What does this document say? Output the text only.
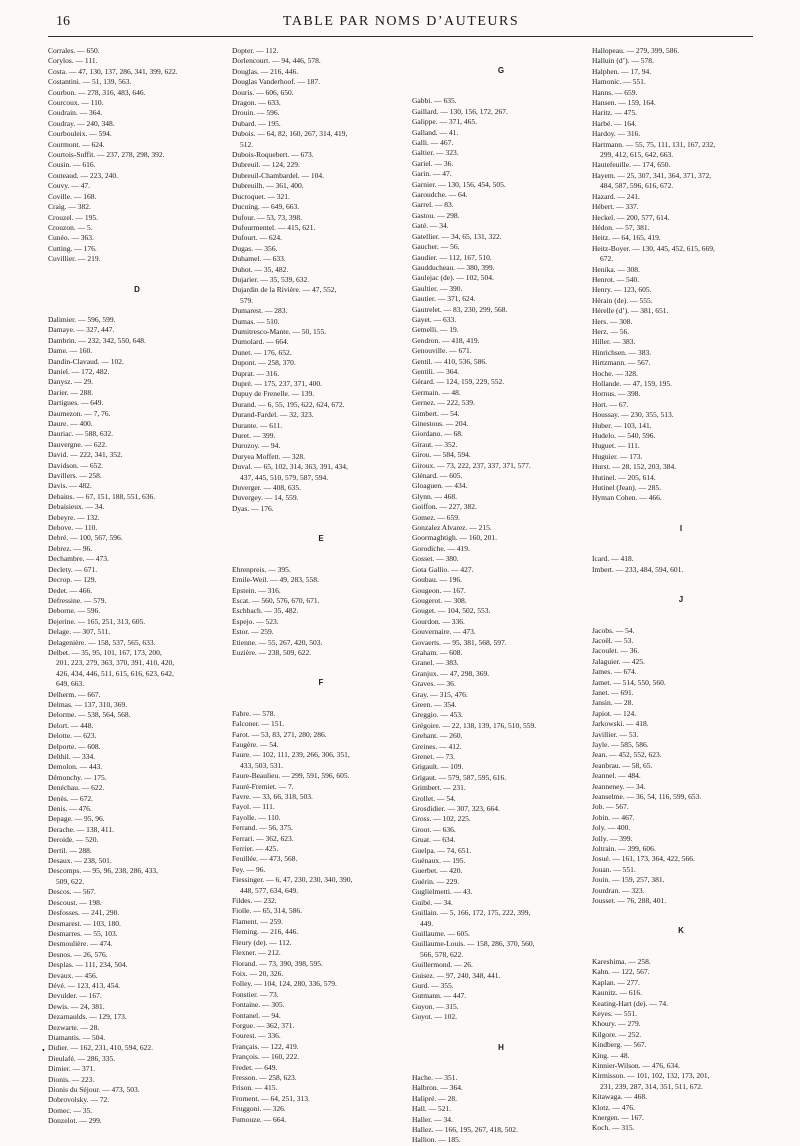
16	TABLE PAR NOMS D’AUTEURS
Corrales. — 650.
Corylos. — 111.
Costa. — 47, 130, 137, 286, 341, 399, 622.
Costantini. — 51, 139, 563.
Courbon. — 278, 316, 483, 646.
Courcoux. — 110.
Coudrain. — 364.
Coudray. — 240, 348.
Courbouleix. — 594.
Courmont. — 624.
Courtois-Suffit. — 237, 278, 298, 392.
Cousin. — 616.
Couteaud. — 223, 240.
Couvy. — 47.
Coville. — 168.
Craig. — 382.
Crouzel. — 195.
Crouzon. — 5.
Cunéo. — 363.
Cutting. — 176.
Cuvillier. — 219.
D
Dalimier. — 596, 599.
Damaye. — 327, 447.
Dambrin. — 232, 342, 550, 648.
Dame. — 160.
Dandin-Clavaud. — 102.
Daniel. — 172, 482.
Danysz. — 29.
Darier. — 288.
Dartigues. — 649.
Daumezon. — 7, 76.
Daure. — 400.
Dauriac. — 588, 632.
Dauvergne. — 622.
David. — 222, 341, 352.
Davidson. — 652.
Davillers. — 258.
Davis. — 482.
Debains. — 67, 151, 188, 551, 636.
Debaisieux. — 34.
Debeyre. — 132.
Debove. — 110.
Debré. — 100, 567, 596.
Debrez. — 96.
Dechambre. — 473.
Declety. — 671.
Decrop. — 129.
Dedet. — 466.
Defressine. — 579.
Deborne. — 596.
Dejerine. — 165, 251, 313, 605.
Delage. — 307, 511.
Delagenière. — 158, 537, 565, 633.
Delbet. — 35, 95, 101, 167, 173, 200,
201, 223, 279, 363, 370, 391, 410, 420,
426, 434, 446, 511, 615, 616, 623, 642,
649, 663.
Delherm. — 667.
Delmas. — 137, 310, 369.
Delorme. — 538, 564, 568.
Delort. — 448.
Delotte. — 623.
Delporte. — 608.
Delthil. — 334.
Demolon. — 443.
Démonchy. — 175.
Denéchau. — 622.
Denès. — 672.
Denis. — 476.
Depage. — 95, 96.
Derache. — 138, 411.
Deroide. — 520.
Dertil. — 288.
Desaux. — 238, 501.
Descomps. — 95, 96, 238, 286, 433,
509, 622.
Descos. — 567.
Descoust. — 198.
Desfosses. — 241, 290.
Desmarest. — 103, 180.
Desmarres. — 55, 103.
Desmoulière. — 474.
Desnos. — 26, 576.
Desplas. — 111, 234, 504.
Devaux. — 456.
Dévé. — 123, 413, 454.
Devulder. — 167.
Dewis. — 24, 381.
Dezarnaulds. — 129, 173.
Dezwarte. — 28.
Diamantis. — 504.
Didier. — 162, 231, 410, 594, 622.
Dieulafé. — 286, 335.
Dimier. — 371.
Dionis. — 223.
Dionis du Séjour. — 473, 503.
Dobrovolsky. — 72.
Domec. — 35.
Donzelot. — 299.
Dopter. — 112.
Dorlencourt. — 94, 446, 578.
Douglas. — 216, 446.
Douglas Vanderhoof. — 187.
Douris. — 606, 650.
Dragon. — 633.
Drouin. — 596.
Dubard. — 195.
Dubois. — 64, 82, 160, 267, 314, 419,
512.
Dubois-Roquebert. — 673.
Dubreuil. — 124, 229.
Dubreuil-Chambardel. — 104.
Dubreuilh. — 361, 400.
Ducroquet. — 321.
Ducuing. — 649, 663.
Dufour. — 53, 73, 398.
Dufourmentel. — 415, 621.
Dufourt. — 624.
Dugas. — 356.
Duhamel. — 633.
Duhot. — 35, 482.
Dujarier. — 35, 539, 632.
Dujardin de la Rivière. — 47, 552,
579.
Dumarest. — 283.
Dumas. — 510.
Dumitresco-Mante. — 50, 155.
Dumolard. — 664.
Dunet. — 176, 652.
Dupont. — 258, 370.
Duprat. — 316.
Dupré. — 175, 237, 371, 400.
Dupuy de Frenelle. — 139.
Durand. — 6, 55, 195, 622, 624, 672.
Durand-Fardel. — 32, 323.
Durante. — 611.
Duret. — 399.
Durozoy. — 94.
Duryea Moffett. — 328.
Duval. — 65, 102, 314, 363, 391, 434,
437, 445, 510, 579, 587, 594.
Duverger. — 408, 635.
Duvergey. — 14, 559.
Dyas. — 176.
E
Ehrenpreis. — 395.
Emile-Weil. — 49, 283, 558.
Epstein. — 316.
Escat. — 560, 576, 670, 671.
Eschbach. — 35, 482.
Espejo. — 523.
Estor. — 259.
Etienne. — 55, 267, 420, 503.
Euzière. — 238, 509, 622.
F
Fabre. — 578.
Falconer. — 151.
Farot. — 53, 83, 271, 280, 286.
Faugère. — 54.
Faure. — 102, 111, 239, 266, 306, 351,
433, 503, 531.
Faure-Beaulieu. — 299, 591, 596, 605.
Fauré-Fremiet. — 7.
Favre. — 33, 66, 318, 503.
Fayol. — 111.
Fayolle. — 110.
Ferrand. — 56, 375.
Ferrari. — 362, 623.
Ferrier. — 425.
Feuillée. — 473, 568.
Fey. — 96.
Fiessinger. — 6, 47, 230, 230, 340, 390,
448, 577, 634, 649.
Fildes. — 232.
Fiolle. — 65, 314, 586.
Flament. — 259.
Fleming. — 216, 446.
Fleury (de). — 112.
Flexner. — 212.
Florand. — 73, 390, 398, 595.
Foix. — 20, 326.
Folley. — 104, 124, 280, 336, 579.
Fonstier. — 73.
Fontaine. — 305.
Fontanel. — 94.
Forgue. — 362, 371.
Fourest. — 336.
Français. — 122, 419.
François. — 160, 222.
Fredet. — 649.
Fresson. — 258, 623.
Frison. — 415.
Froment. — 64, 251, 313.
Fruggoni. — 326.
Fumouze. — 664.
G
Gabbi. — 635.
Gaillard. — 130, 156, 172, 267.
Galippe. — 371, 465.
Galland. — 41.
Galli. — 467.
Galtier. — 323.
Gariel. — 36.
Garin. — 47.
Garnier. — 130, 156, 454, 505.
Garoudche. — 64.
Garrel. — 83.
Gastou. — 298.
Gaté. — 34.
Gatellier. — 34, 65, 131, 322.
Gaucher. — 56.
Gaudier. — 112, 167, 510.
Gaudducheau. — 380, 399.
Gaulejac (de). — 102, 504.
Gaultier. — 390.
Gautier. — 371, 624.
Gautrelet. — 83, 230, 299, 568.
Gayet. — 633.
Gemelli. — 19.
Gendron. — 418, 419.
Genouville. — 671.
Gentil. — 410, 536, 586.
Gentili. — 364.
Gérard. — 124, 159, 229, 552.
Germain. — 48.
Gernez. — 222, 539.
Gimbert. — 54.
Ginestous. — 204.
Giordano. — 68.
Giraut. — 352.
Girou. — 584, 594.
Giroux. — 73, 222, 237, 337, 371, 577.
Glénard. — 605.
Gloaguen. — 434.
Glynn. — 468.
Goiffon. — 227, 382.
Gomez. — 659.
Gonzalez Alvarez. — 215.
Goormaghtigh. — 160, 201.
Gorodiche. — 419.
Gosset. — 380.
Gota Galliо. — 427.
Goubau. — 196.
Gougeon. — 167.
Gougerot. — 308.
Gouget. — 104, 502, 553.
Gourdon. — 336.
Gouvernaire. — 473.
Govaerts. — 95, 381, 568, 597.
Graham. — 608.
Granel. — 383.
Granjux. — 47, 298, 369.
Graves. — 36.
Gray. — 315, 476.
Green. — 354.
Greggio. — 453.
Grégoire. — 22, 138, 139, 176, 510, 559.
Grehant. — 260.
Greines. — 412.
Grenet. — 73.
Grigault. — 109.
Grigaut. — 579, 587, 595, 616.
Grimbert. — 231.
Grollet. — 54.
Grosdidier. — 307, 323, 664.
Gross. — 102, 225.
Groot. — 636.
Gruat. — 634.
Guelpa. — 74, 651.
Guénaux. — 195.
Guerbet. — 420.
Guérin. — 229.
Guglielmetti. — 43.
Guibé. — 34.
Guillain. — 5, 166, 172, 175, 222, 399,
449.
Guillaume. — 605.
Guillaume-Louis. — 158, 286, 370, 560,
566, 578, 622.
Guillermond. — 26.
Guisez. — 97, 240, 348, 441.
Gurd. — 355.
Gutmann. — 447.
Guyon. — 315.
Guyot. — 102.
H
Hache. — 351.
Halbron. — 364.
Halipré. — 28.
Hall. — 521.
Haller. — 34.
Hallez. — 166, 195, 267, 418, 502.
Hallion. — 185.
Hallopeau. — 279, 399, 586.
Halluin (d’). — 578.
Halphen. — 17, 94.
Hamonic. — 551.
Hanns. — 659.
Hansen. — 159, 164.
Haritz. — 475.
Harbé. — 164.
Hardoy. — 316.
Hartmann. — 55, 75, 111, 131, 167, 232,
299, 412, 615, 642, 663.
Hautefeuille. — 174, 650.
Hayem. — 25, 307, 341, 364, 371, 372,
484, 587, 596, 616, 672.
Hazard. — 241.
Hébert. — 337.
Heckel. — 200, 577, 614.
Hédon. — 57, 381.
Heitz. — 64, 165, 419.
Heitz-Boyer. — 130, 445, 452, 615, 669,
672.
Henika. — 308.
Henrot. — 540.
Henry. — 123, 605.
Hérain (de). — 555.
Hérelle (d’). — 381, 651.
Hers. — 308.
Herz. — 56.
Hiller. — 383.
Hinrichsen. — 383.
Hirtzmann. — 567.
Hoche. — 328.
Hollande. — 47, 159, 195.
Hornus. — 398.
Hort. — 67.
Houssay. — 230, 355, 513.
Huber. — 103, 141.
Hudelo. — 540, 596.
Huguet. — 111.
Huguier. — 173.
Hurst. — 28, 152, 203, 384.
Hutinel. — 205, 614.
Hutinel (Jean). — 285.
Hyman Cohen. — 466.
I
Icard. — 418.
Imbert. — 233, 484, 594, 601.
J
Jacobs. — 54.
Jacoël. — 53.
Jacoulet. — 36.
Jalaguier. — 425.
James. — 674.
Jamet. — 514, 550, 560.
Janet. — 691.
Jansin. — 28.
Japiot. — 124.
Jarkowski. — 418.
Javillier. — 53.
Jayle. — 585, 586.
Jean. — 452, 552, 623.
Jeanbrau. — 58, 65.
Jeannel. — 484.
Jeanneney. — 34.
Jeanselme. — 36, 54, 116, 599, 653.
Job. — 567.
Jobin. — 467.
Joly. — 400.
Jolly. — 399.
Joltrain. — 399, 606.
Josué. — 161, 173, 364, 422, 566.
Jouan. — 551.
Jouin. — 159, 257, 381.
Jourdran. — 323.
Jousset. — 76, 288, 401.
K
Kareshima. — 258.
Kahn. — 122, 567.
Kaplan. — 277.
Kaunitz. — 616.
Keating-Hart (de). — 74.
Keyes. — 551.
Khoury. — 279.
Kilgore. — 252.
Kindberg. — 567.
King. — 48.
Kinnier-Wilson. — 476, 634.
Kirmisson. — 101, 102, 132, 173, 201,
231, 239, 287, 314, 351, 511, 672.
Kitawaga. — 468.
Klotz. — 476.
Knergen. — 167.
Koch. — 315.
•
